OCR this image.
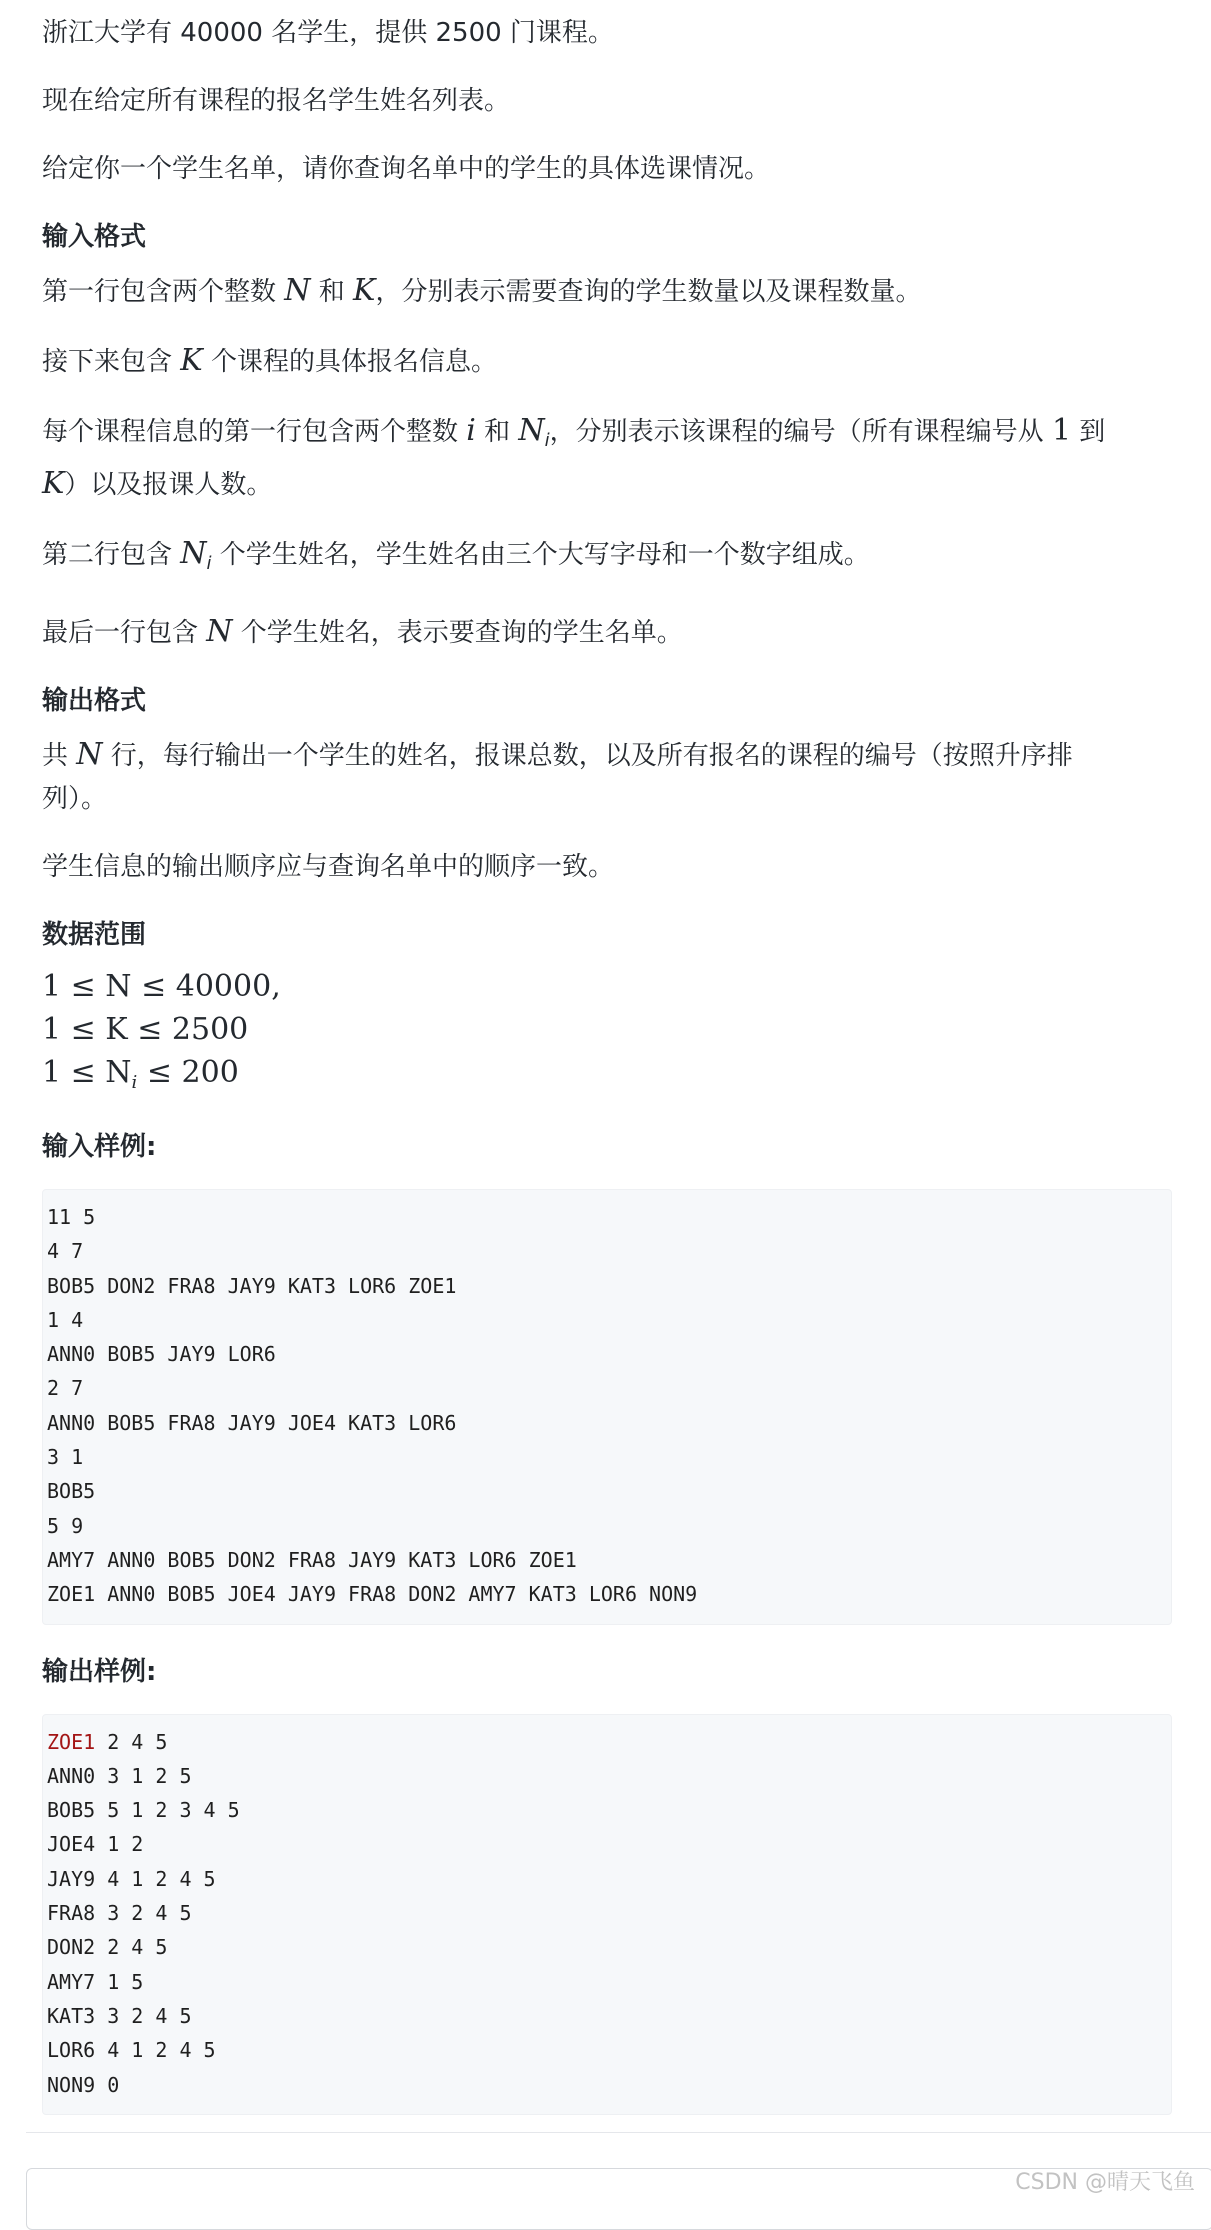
浙江大学有 40000 名学生，提供 2500 门课程。

现在给定所有课程的报名学生姓名列表。

给定你一个学生名单，请你查询名单中的学生的具体选课情况。

输入格式

第一行包含两个整数 N 和 K，分别表示需要查询的学生数量以及课程数量。

接下来包含 K 个课程的具体报名信息。

每个课程信息的第一行包含两个整数 i 和 $N_i$，分别表示该课程的编号（所有课程编号从 1 到
K）以及报课人数。

第二行包含 $N_i$ 个学生姓名，学生姓名由三个大写字母和一个数字组成。

最后一行包含 N 个学生姓名，表示要查询的学生名单。

输出格式

共 N 行，每行输出一个学生的姓名，报课总数，以及所有报名的课程的编号（按照升序排
列）。

学生信息的输出顺序应与查询名单中的顺序一致。

数据范围

1 ≤ N ≤ 40000,

1 ≤ K ≤ 2500

$1 \le N_i \le 200$

输入样例:
11 5
4 7
BOB5 DON2 FRA8 JAY9 KAT3 LOR6 ZOE1
1 4
ANN0 BOB5 JAY9 LOR6
2 7
ANN0 BOB5 FRA8 JAY9 JOE4 KAT3 LOR6
3 1
BOB5
5 9
AMY7 ANN0 BOB5 DON2 FRA8 JAY9 KAT3 LOR6 ZOE1
ZOE1 ANN0 BOB5 JOE4 JAY9 FRA8 DON2 AMY7 KAT3 LOR6 NON9
输出样例:
ZOE1 2 4 5
ANN0 3 1 2 5
BOB5 5 1 2 3 4 5
JOE4 1 2
JAY9 4 1 2 4 5
FRA8 3 2 4 5
DON2 2 4 5
AMY7 1 5
KAT3 3 2 4 5
LOR6 4 1 2 4 5
NON9 0
CSDN @晴天飞鱼
